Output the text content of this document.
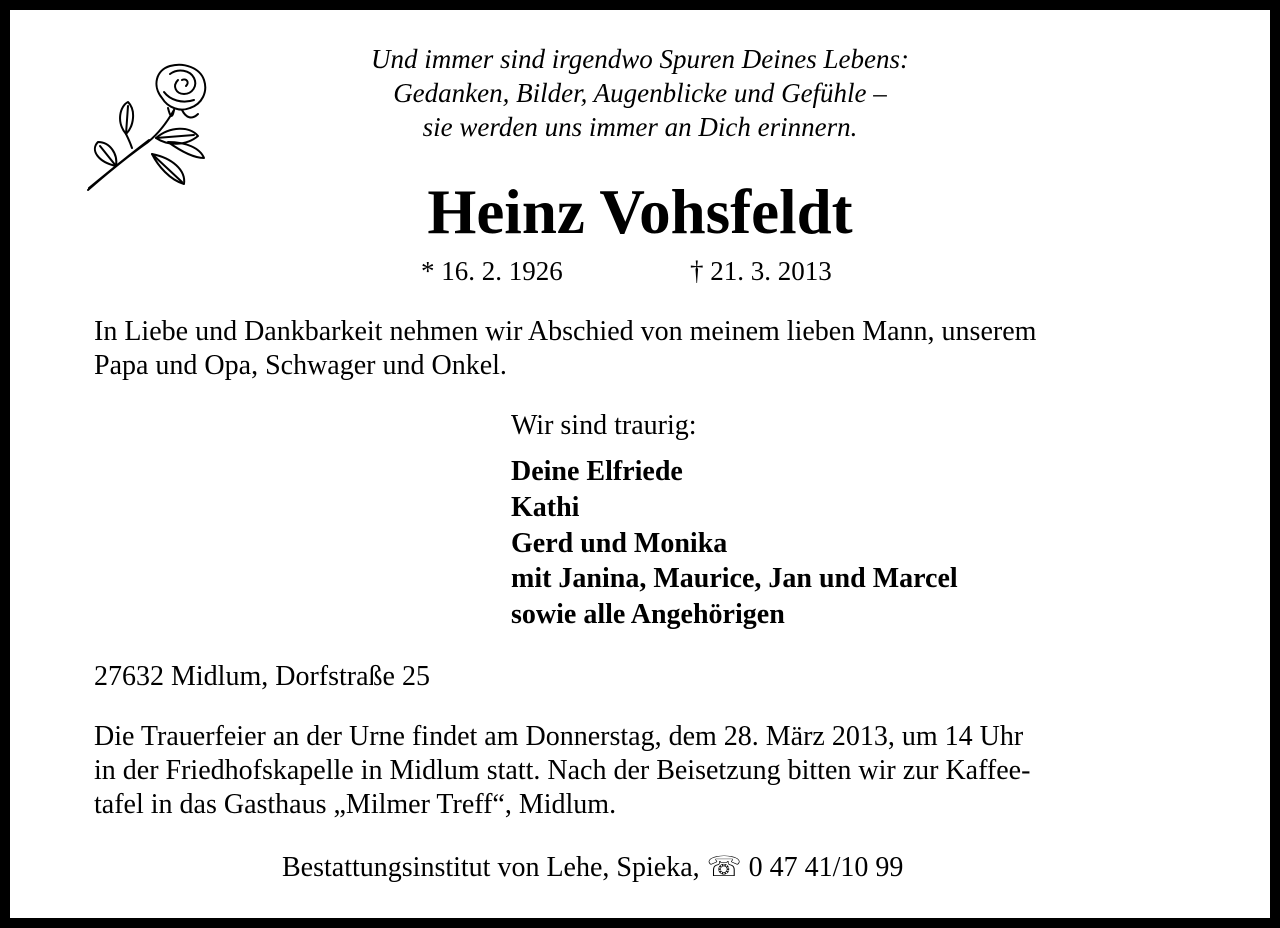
Und immer sind irgendwo Spuren Deines Lebens:
Gedanken, Bilder, Augenblicke und Gefühle –
sie werden uns immer an Dich erinnern.
Heinz Vohsfeldt
* 16. 2. 1926	† 21. 3. 2013
In Liebe und Dankbarkeit nehmen wir Abschied von meinem lieben Mann, unserem
Papa und Opa, Schwager und Onkel.
Wir sind traurig:
Deine Elfriede
Kathi
Gerd und Monika
mit Janina, Maurice, Jan und Marcel
sowie alle Angehörigen
27632 Midlum, Dorfstraße 25
Die Trauerfeier an der Urne findet am Donnerstag, dem 28. März 2013, um 14 Uhr
in der Friedhofskapelle in Midlum statt. Nach der Beisetzung bitten wir zur Kaffee-
tafel in das Gasthaus „Milmer Treff“, Midlum.
Bestattungsinstitut von Lehe, Spieka, ☏ 0 47 41/10 99
